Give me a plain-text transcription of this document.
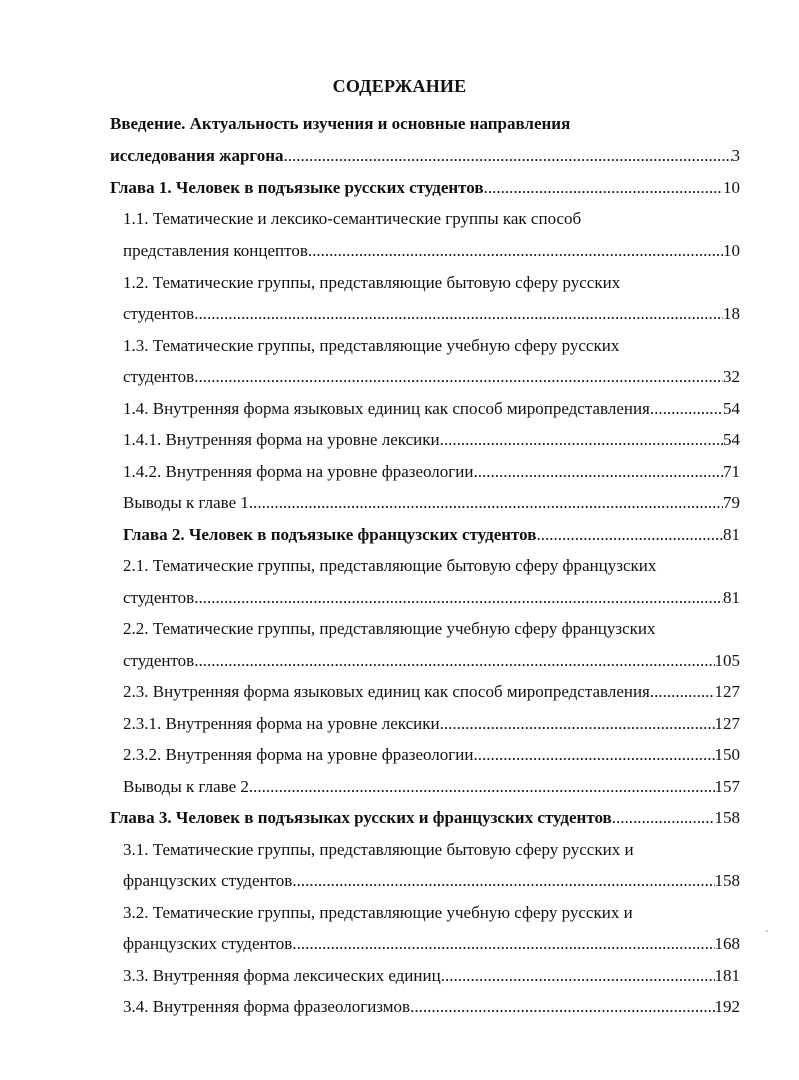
СОДЕРЖАНИЕ
Введение. Актуальность изучения и основные направления
исследования жаргона .....	3
Глава 1. Человек в подъязыке русских студентов .....	10
1.1. Тематические и лексико-семантические группы как способ
представления концептов .....	10
1.2. Тематические группы, представляющие бытовую сферу русских
студентов .....	18
1.3. Тематические группы, представляющие учебную сферу русских
студентов .....	32
1.4. Внутренняя форма языковых единиц как способ миропредставления .....	54
1.4.1. Внутренняя форма на уровне лексики .....	54
1.4.2. Внутренняя форма на уровне фразеологии .....	71
Выводы к главе 1 .....	79
Глава 2. Человек в подъязыке французских студентов .....	81
2.1. Тематические группы, представляющие бытовую сферу французских
студентов .....	81
2.2. Тематические группы, представляющие учебную сферу французских
студентов .....	105
2.3. Внутренняя форма языковых единиц как способ миропредставления .....	127
2.3.1. Внутренняя форма на уровне лексики .....	127
2.3.2. Внутренняя форма на уровне фразеологии .....	150
Выводы к главе 2 .....	157
Глава 3. Человек в подъязыках русских и французских студентов .....	158
3.1. Тематические группы, представляющие бытовую сферу русских и
французских студентов .....	158
3.2. Тематические группы, представляющие учебную сферу русских и
французских студентов .....	168
3.3. Внутренняя форма лексических единиц .....	181
3.4. Внутренняя форма фразеологизмов .....	192
